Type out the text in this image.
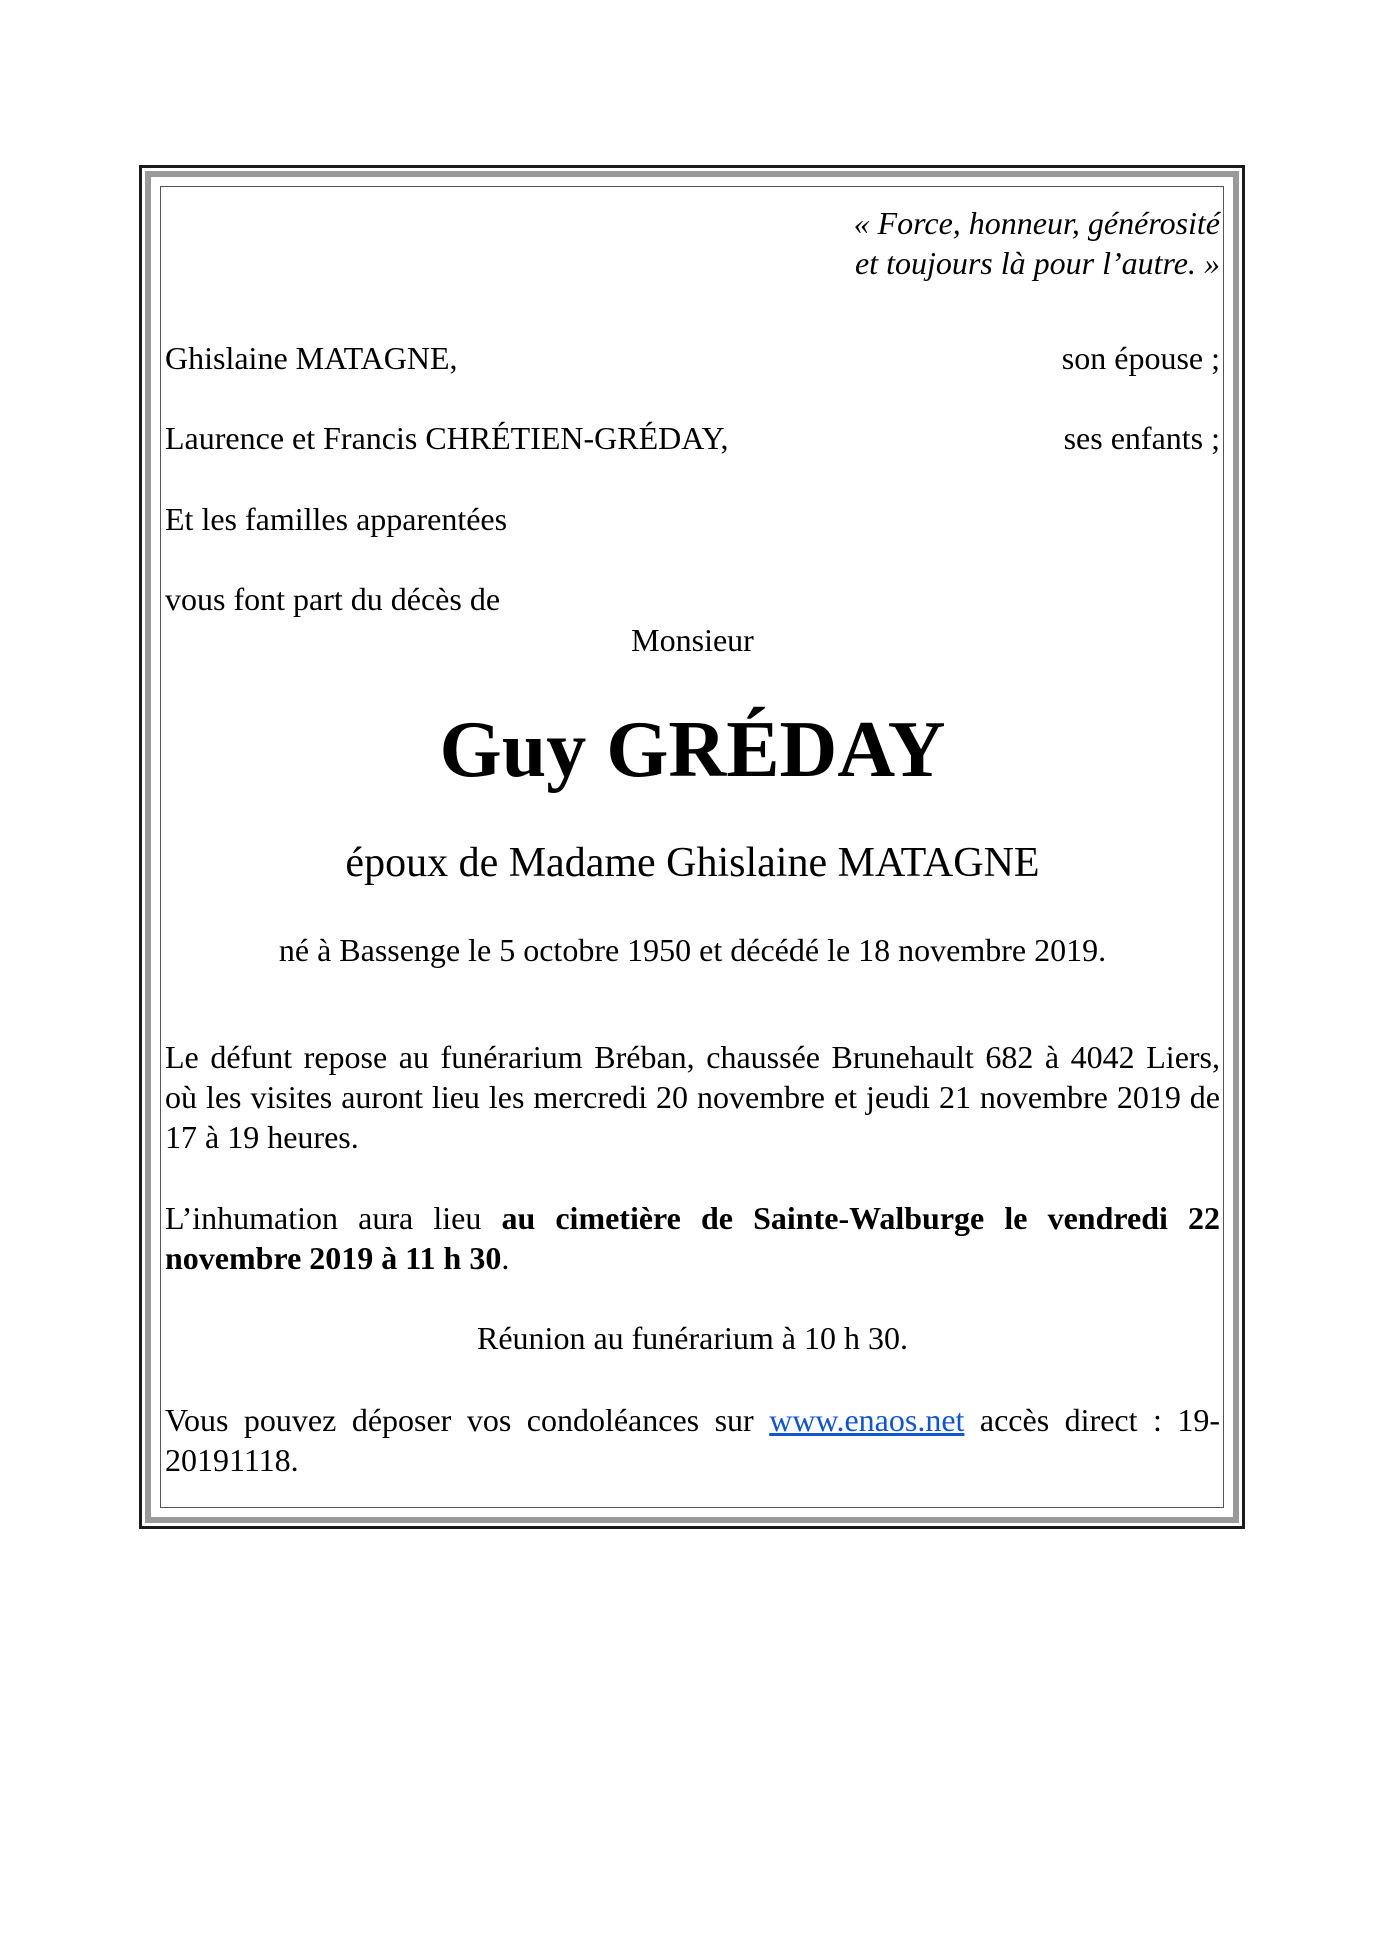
« Force, honneur, générosité
et toujours là pour l’autre. »
Ghislaine MATAGNE,	son épouse ;
Laurence et Francis CHRÉTIEN-GRÉDAY,	ses enfants ;
Et les familles apparentées
vous font part du décès de
Monsieur
Guy GRÉDAY
époux de Madame Ghislaine MATAGNE
né à Bassenge le 5 octobre 1950 et décédé le 18 novembre 2019.
Le défunt repose au funérarium Bréban, chaussée Brunehault 682 à 4042 Liers, où les visites auront lieu les mercredi 20 novembre et jeudi 21 novembre 2019 de 17 à 19 heures.
L’inhumation aura lieu au cimetière de Sainte-Walburge le vendredi 22 novembre 2019 à 11 h 30.
Réunion au funérarium à 10 h 30.
Vous pouvez déposer vos condoléances sur www.enaos.net accès direct : 19-20191118.
